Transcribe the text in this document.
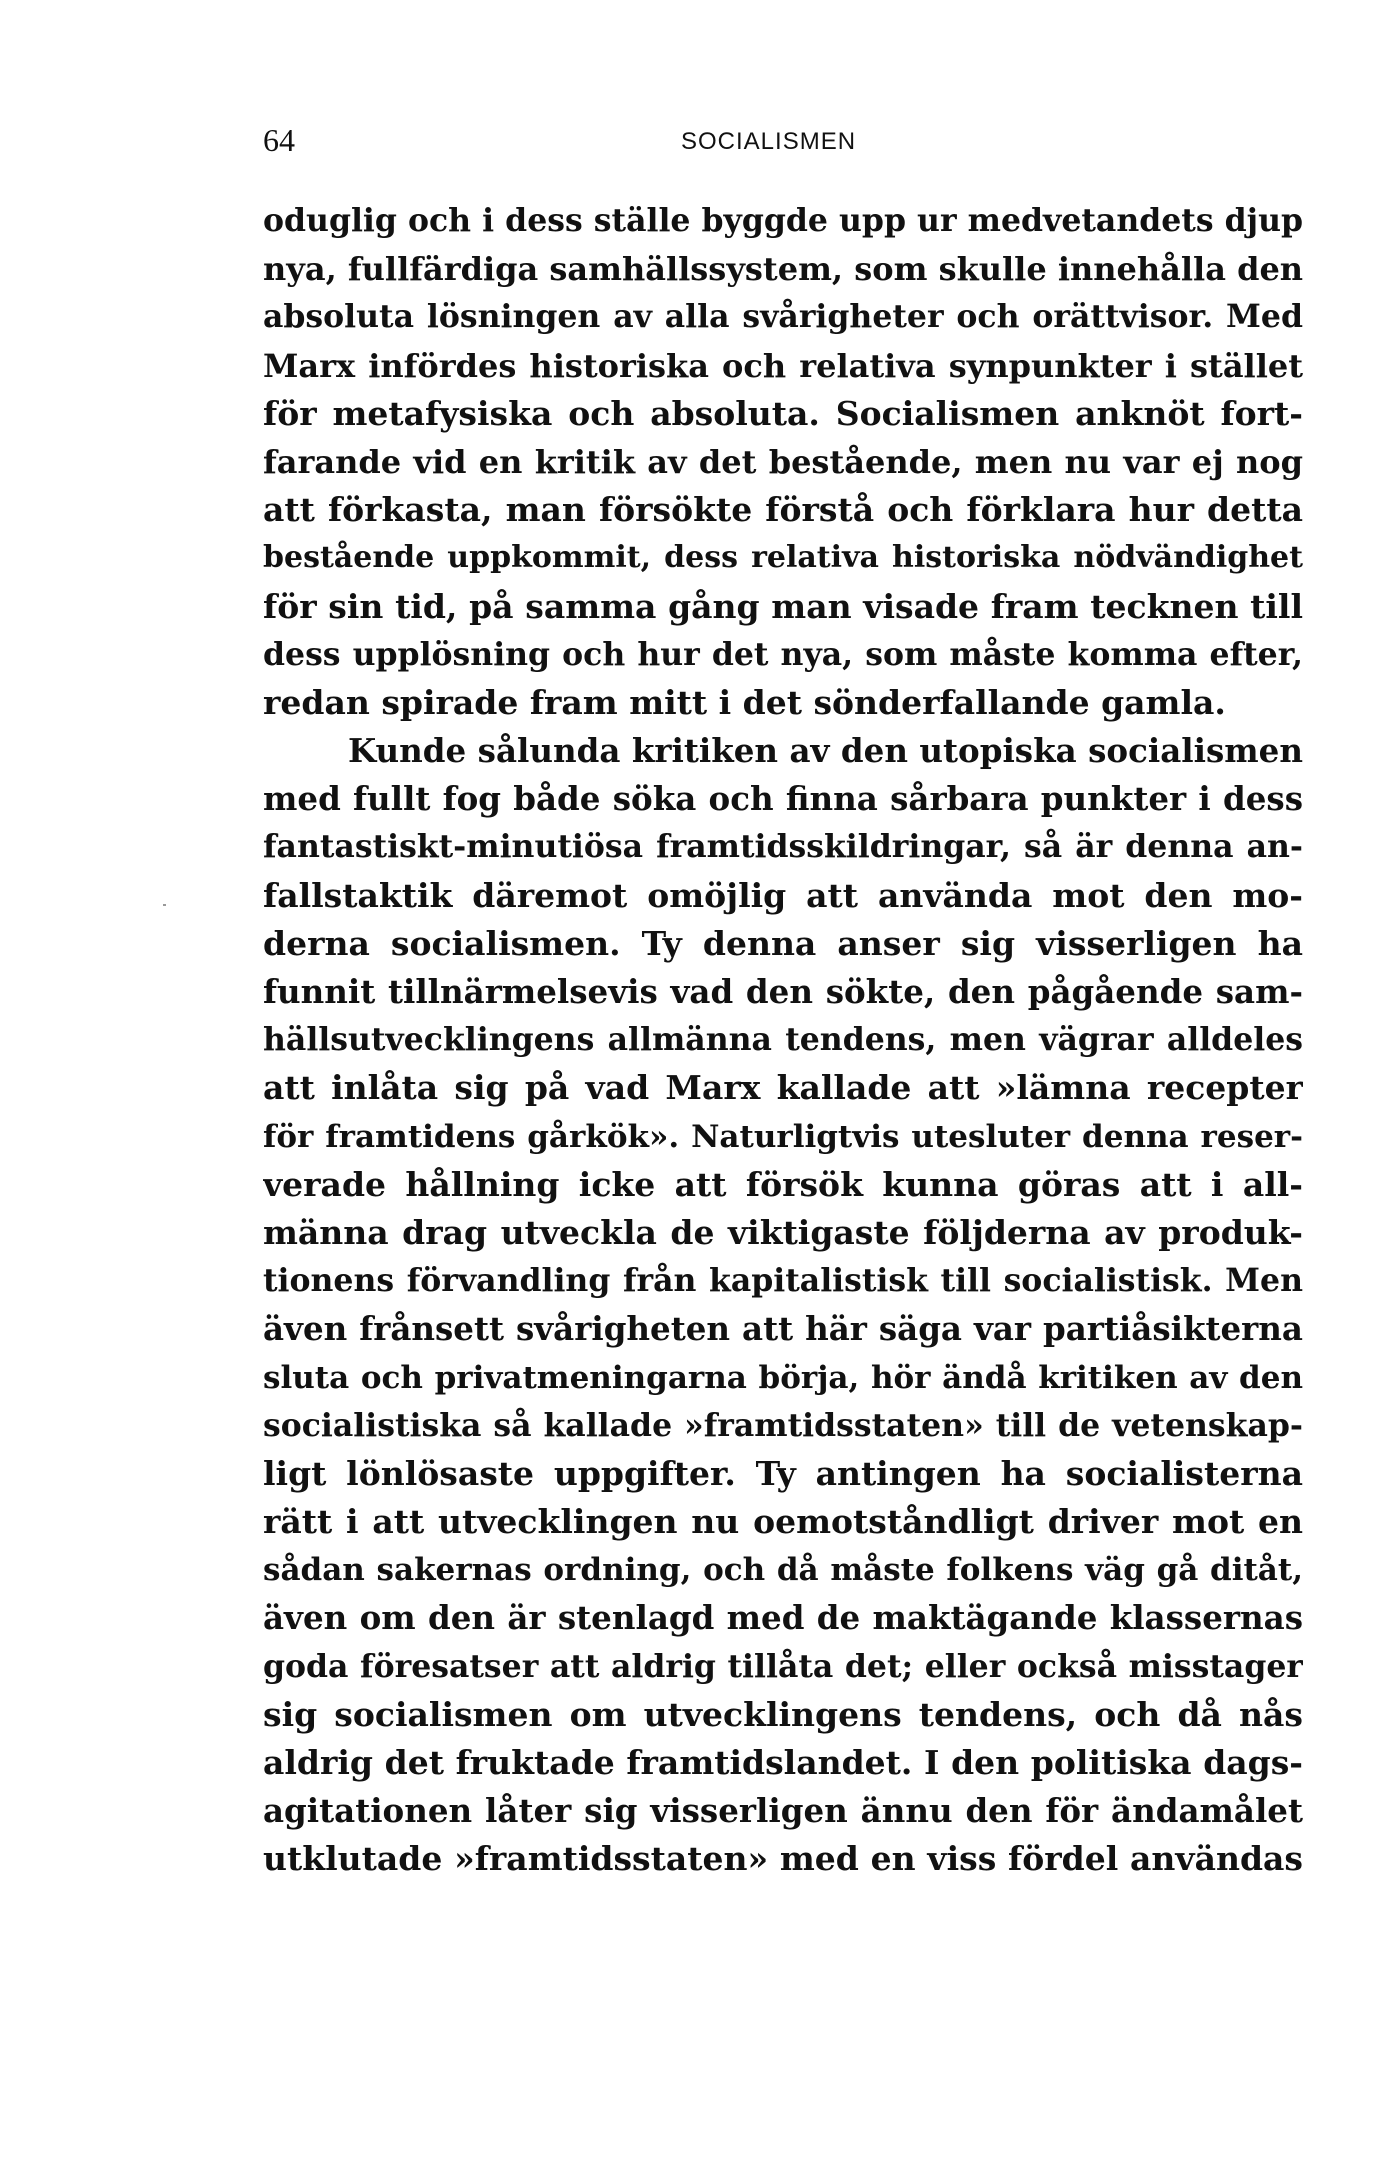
64	SOCIALISMEN
oduglig och i dess ställe byggde upp ur medvetandets djup
nya, fullfärdiga samhällssystem, som skulle innehålla den
absoluta lösningen av alla svårigheter och orättvisor. Med
Marx infördes historiska och relativa synpunkter i stället
för metafysiska och absoluta. Socialismen anknöt fort-
farande vid en kritik av det bestående, men nu var ej nog
att förkasta, man försökte förstå och förklara hur detta
bestående uppkommit, dess relativa historiska nödvändighet
för sin tid, på samma gång man visade fram tecknen till
dess upplösning och hur det nya, som måste komma efter,
redan spirade fram mitt i det sönderfallande gamla.
Kunde sålunda kritiken av den utopiska socialismen
med fullt fog både söka och finna sårbara punkter i dess
fantastiskt-minutiösa framtidsskildringar, så är denna an-
fallstaktik däremot omöjlig att använda mot den mo-
derna socialismen. Ty denna anser sig visserligen ha
funnit tillnärmelsevis vad den sökte, den pågående sam-
hällsutvecklingens allmänna tendens, men vägrar alldeles
att inlåta sig på vad Marx kallade att »lämna recepter
för framtidens gårkök». Naturligtvis utesluter denna reser-
verade hållning icke att försök kunna göras att i all-
männa drag utveckla de viktigaste följderna av produk-
tionens förvandling från kapitalistisk till socialistisk. Men
även frånsett svårigheten att här säga var partiåsikterna
sluta och privatmeningarna börja, hör ändå kritiken av den
socialistiska så kallade »framtidsstaten» till de vetenskap-
ligt lönlösaste uppgifter. Ty antingen ha socialisterna
rätt i att utvecklingen nu oemotståndligt driver mot en
sådan sakernas ordning, och då måste folkens väg gå ditåt,
även om den är stenlagd med de maktägande klassernas
goda föresatser att aldrig tillåta det; eller också misstager
sig socialismen om utvecklingens tendens, och då nås
aldrig det fruktade framtidslandet. I den politiska dags-
agitationen låter sig visserligen ännu den för ändamålet
utklutade »framtidsstaten» med en viss fördel användas
